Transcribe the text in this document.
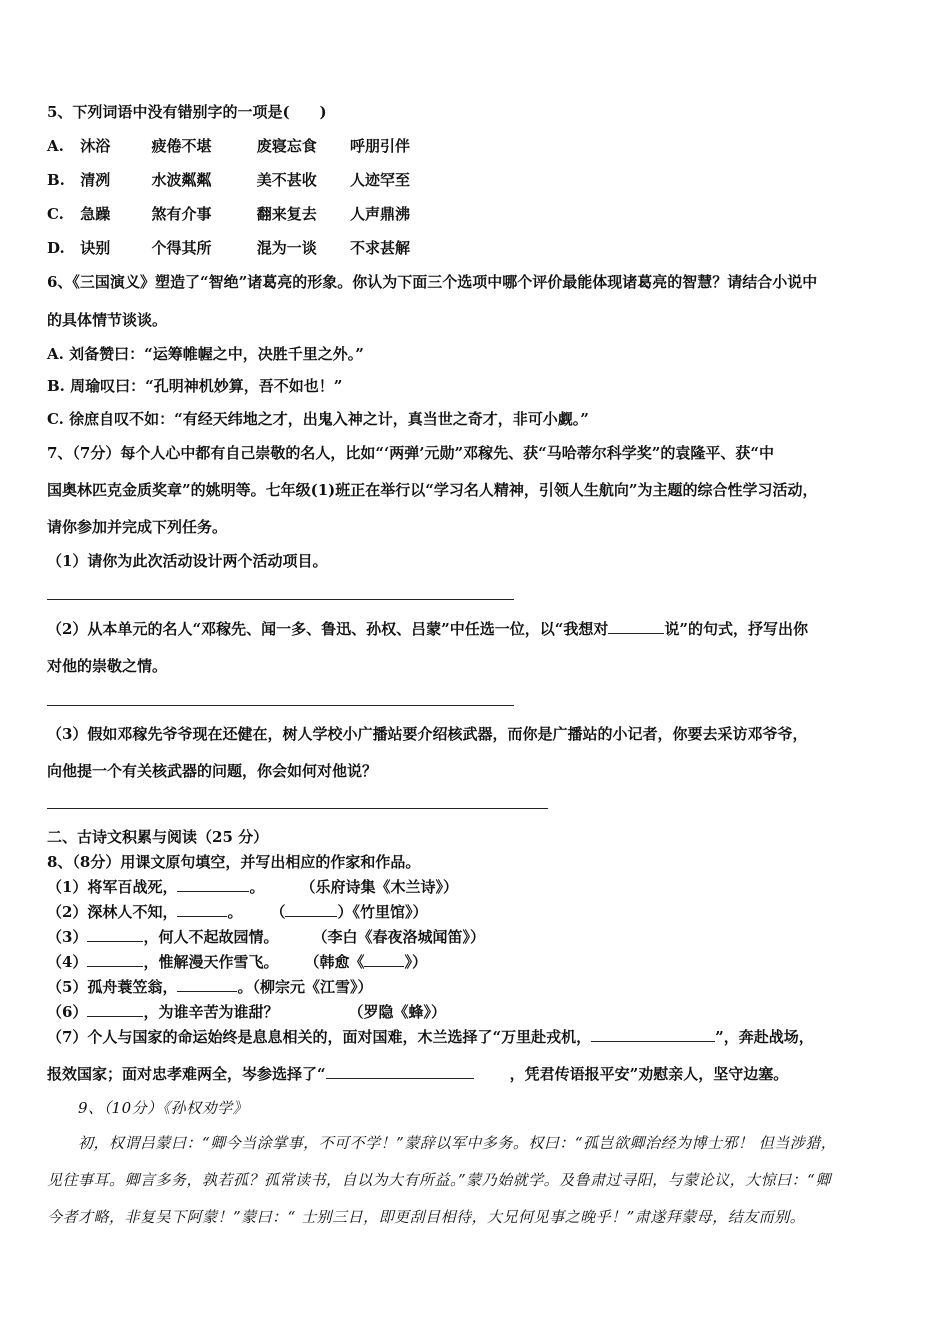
5、下列词语中没有错别字的一项是(　　)
A. 沐浴	疲倦不堪	废寝忘食 呼朋引伴
B. 清冽	水波粼粼	美不甚收 人迹罕至
C. 急躁	煞有介事	翻来复去 人声鼎沸
D. 诀别	个得其所	混为一谈 不求甚解
6、《三国演义》塑造了“智绝”诸葛亮的形象。你认为下面三个选项中哪个评价最能体现诸葛亮的智慧？请结合小说中
的具体情节谈谈。
A. 刘备赞曰：“运筹帷幄之中，决胜千里之外。”
B. 周瑜叹曰：“孔明神机妙算，吾不如也！”
C. 徐庶自叹不如：“有经天纬地之才，出鬼入神之计，真当世之奇才，非可小觑。”
7、（7分）每个人心中都有自己崇敬的名人，比如“‘两弹’元勋”邓稼先、获“马哈蒂尔科学奖”的袁隆平、获“中
国奥林匹克金质奖章”的姚明等。七年级(1)班正在举行以“学习名人精神，引领人生航向”为主题的综合性学习活动，
请你参加并完成下列任务。
（1）请你为此次活动设计两个活动项目。
（2）从本单元的名人“邓稼先、闻一多、鲁迅、孙权、吕蒙”中任选一位，以“我想对	说”的句式，抒写出你
对他的崇敬之情。
（3）假如邓稼先爷爷现在还健在，树人学校小广播站要介绍核武器，而你是广播站的小记者，你要去采访邓爷爷，
向他提一个有关核武器的问题，你会如何对他说？
二、古诗文积累与阅读（25 分）
8、（8分）用课文原句填空，并写出相应的作家和作品。
（1）将军百战死，	。 （乐府诗集《木兰诗》）
（2）深林人不知，	。 （	）《竹里馆》）
（3）	，何人不起故园情。 （李白《春夜洛城闻笛》）
（4）	，惟解漫天作雪飞。 （韩愈《	》）
（5）孤舟蓑笠翁，	。（柳宗元《江雪》）
（6）	，为谁辛苦为谁甜？	（罗隐《蜂》）
（7）个人与国家的命运始终是息息相关的，面对国难，木兰选择了“万里赴戎机，	”，奔赴战场，
报效国家；面对忠孝难两全，岑参选择了“	，凭君传语报平安”劝慰亲人，坚守边塞。
9、（10分）《孙权劝学》
初，权谓吕蒙曰：“卿今当涂掌事，不可不学！”蒙辞以军中多务。权曰：“孤岂欲卿治经为博士邪！ 但当涉猎，
见往事耳。卿言多务，孰若孤？孤常读书，自以为大有所益。”蒙乃始就学。及鲁肃过寻阳，与蒙论议，大惊曰：“卿
今者才略，非复吴下阿蒙！”蒙曰：“ 士别三日，即更刮目相待，大兄何见事之晚乎！”肃遂拜蒙母，结友而别。
